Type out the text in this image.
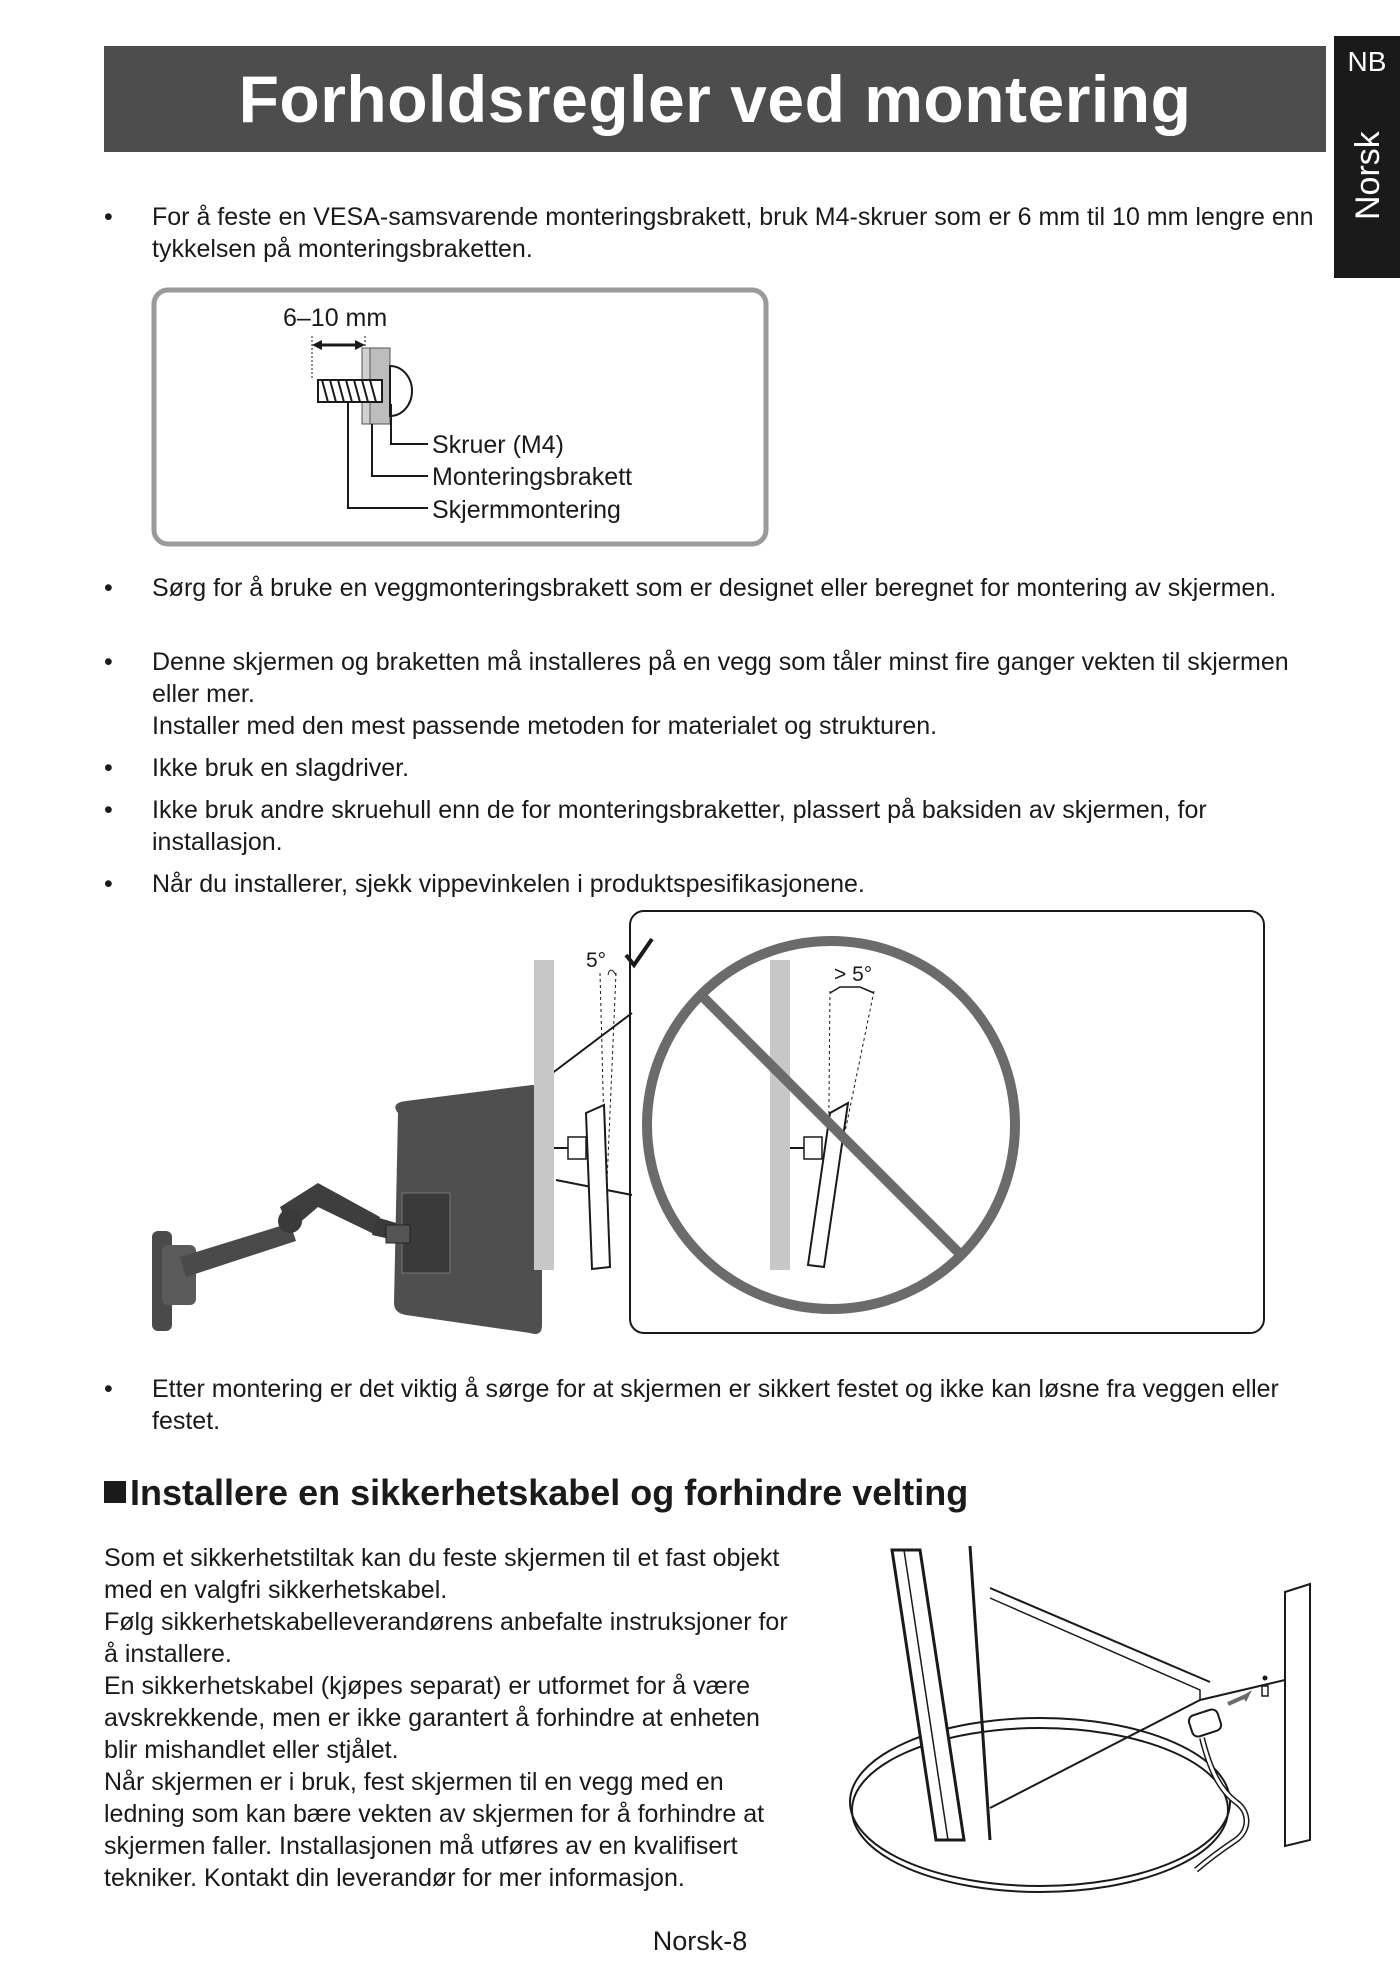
Forholdsregler ved montering
NB
Norsk
• For å feste en VESA-samsvarende monteringsbrakett, bruk M4-skruer som er 6 mm til 10 mm lengre enn tykkelsen på monteringsbraketten.
6–10 mm
Skruer (M4)
Monteringsbrakett
Skjermmontering
• Sørg for å bruke en veggmonteringsbrakett som er designet eller beregnet for montering av skjermen.
• Denne skjermen og braketten må installeres på en vegg som tåler minst fire ganger vekten til skjermen eller mer.
Installer med den mest passende metoden for materialet og strukturen.
• Ikke bruk en slagdriver.
• Ikke bruk andre skruehull enn de for monteringsbraketter, plassert på baksiden av skjermen, for installasjon.
• Når du installerer, sjekk vippevinkelen i produktspesifikasjonene.
5°
> 5°
• Etter montering er det viktig å sørge for at skjermen er sikkert festet og ikke kan løsne fra veggen eller festet.
Installere en sikkerhetskabel og forhindre velting
Som et sikkerhetstiltak kan du feste skjermen til et fast objekt
med en valgfri sikkerhetskabel.
Følg sikkerhetskabelleverandørens anbefalte instruksjoner for
å installere.
En sikkerhetskabel (kjøpes separat) er utformet for å være
avskrekkende, men er ikke garantert å forhindre at enheten
blir mishandlet eller stjålet.
Når skjermen er i bruk, fest skjermen til en vegg med en
ledning som kan bære vekten av skjermen for å forhindre at
skjermen faller. Installasjonen må utføres av en kvalifisert
tekniker. Kontakt din leverandør for mer informasjon.
Norsk-8
